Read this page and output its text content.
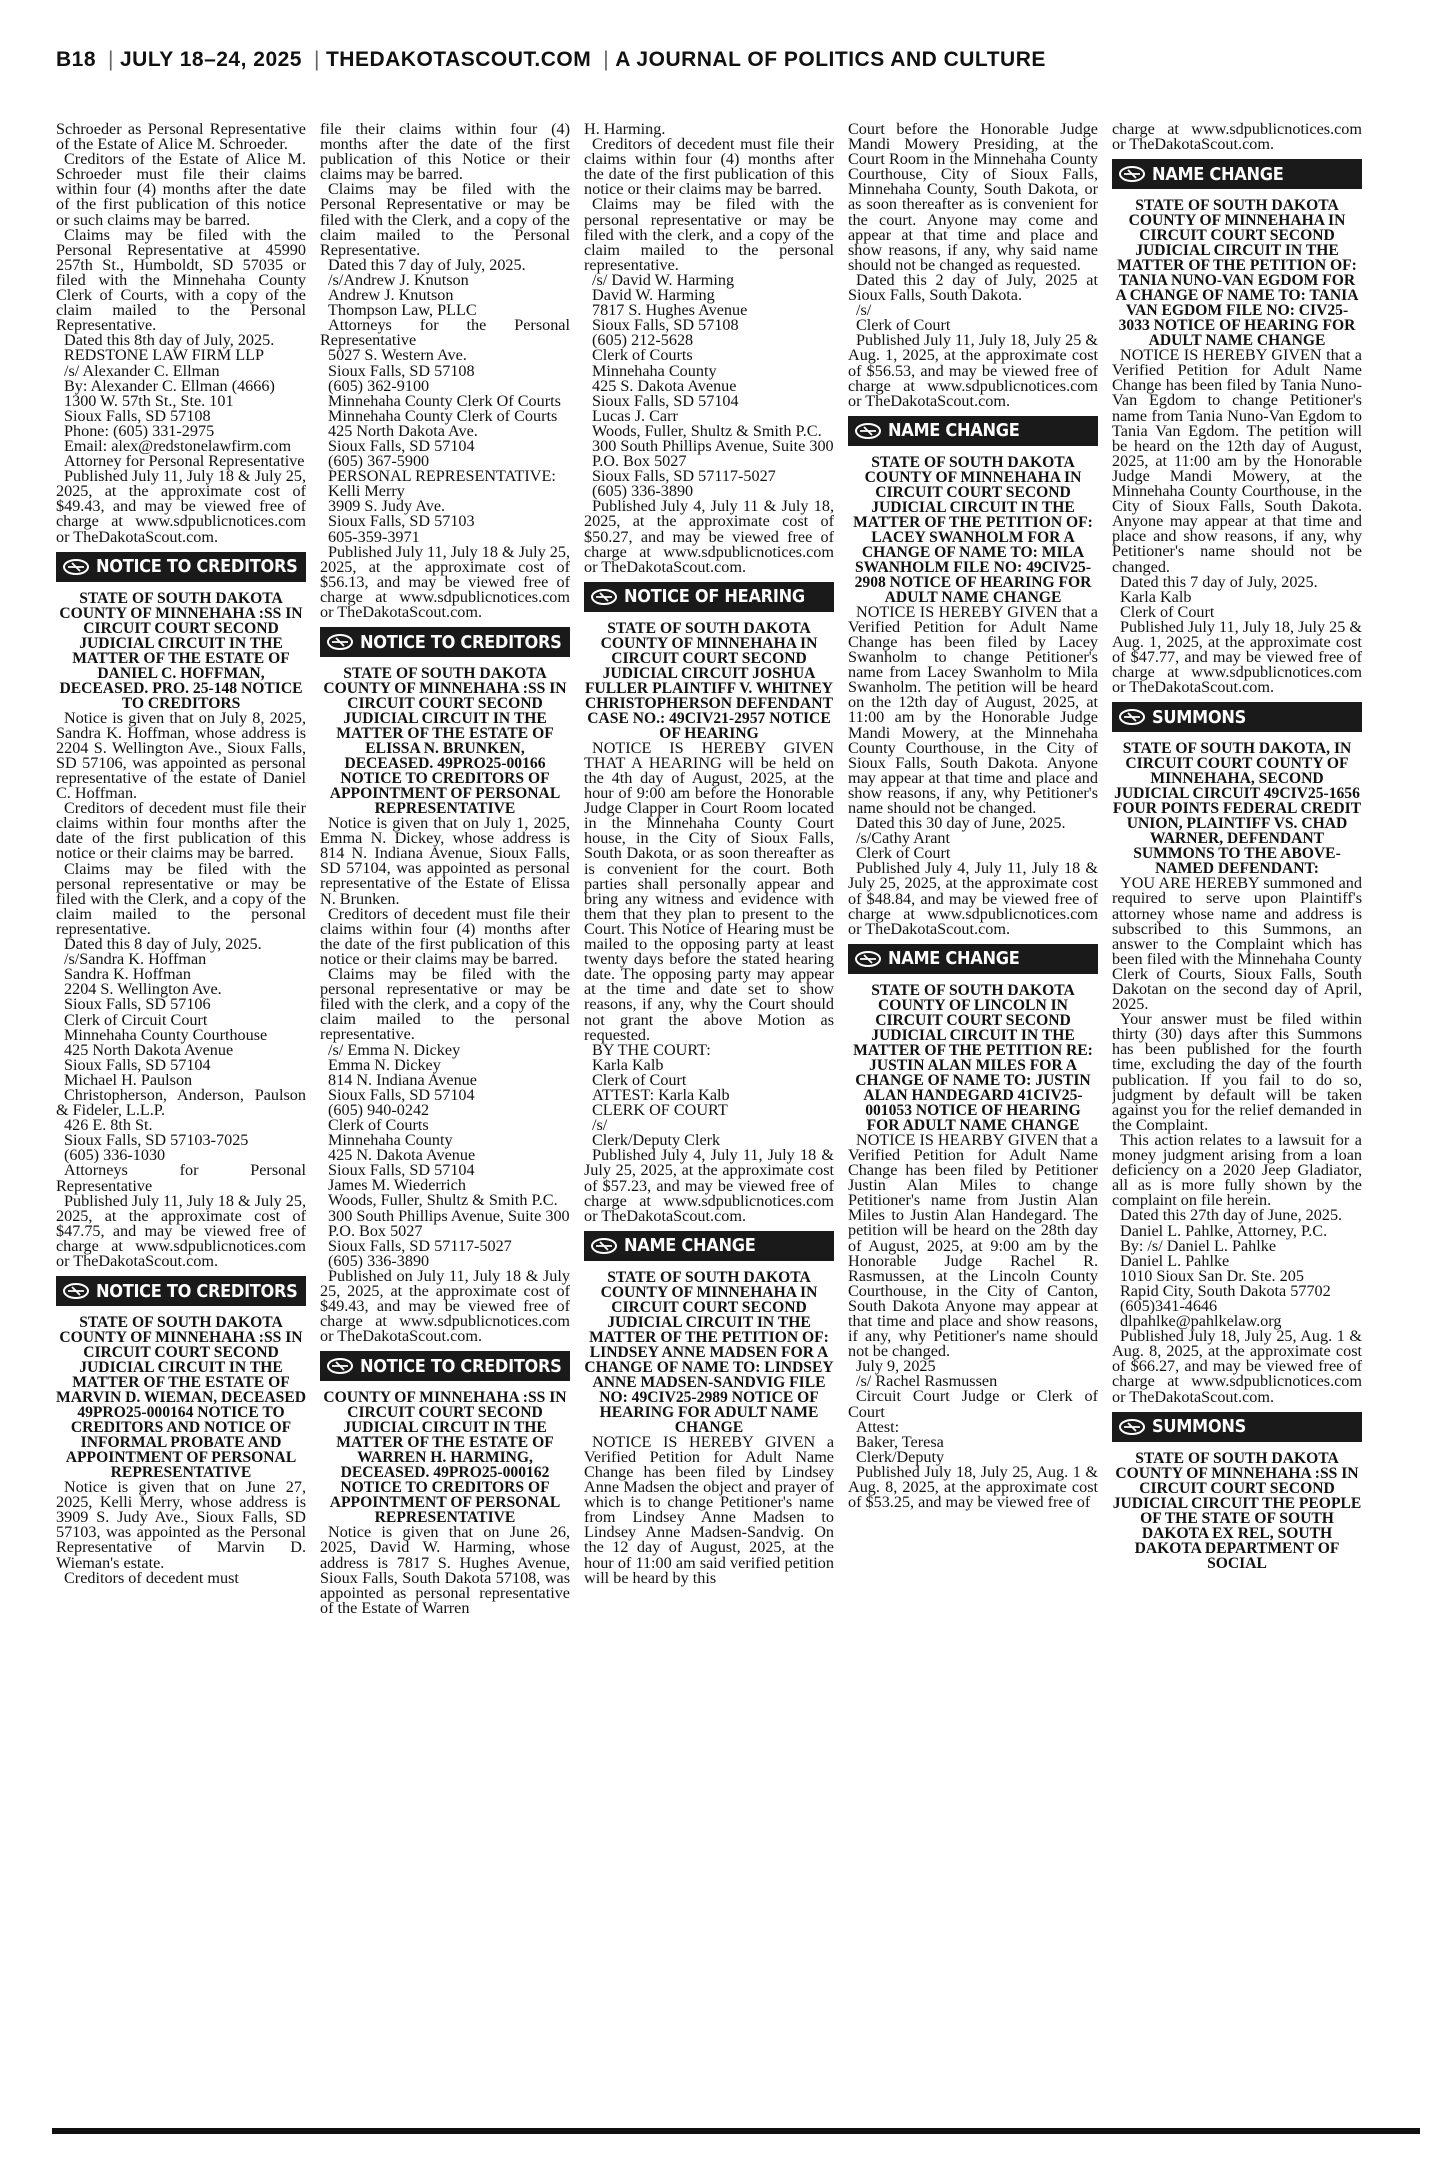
B18 | JULY 18–24, 2025 | THEDAKOTASCOUT.COM | A JOURNAL OF POLITICS AND CULTURE

Schroeder as Personal Representative of the Estate of Alice M. Schroeder.

Creditors of the Estate of Alice M. Schroeder must file their claims within four (4) months after the date of the first publication of this notice or such claims may be barred.

Claims may be filed with the Personal Representative at 45990 257th St., Humboldt, SD 57035 or filed with the Minnehaha County Clerk of Courts, with a copy of the claim mailed to the Personal Representative.

Dated this 8th day of July, 2025.

REDSTONE LAW FIRM LLP

/s/ Alexander C. Ellman

By: Alexander C. Ellman (4666)

1300 W. 57th St., Ste. 101

Sioux Falls, SD 57108

Phone: (605) 331-2975

Email: alex@redstonelawfirm.com

Attorney for Personal Representative

Published July 11, July 18 & July 25, 2025, at the approximate cost of $49.43, and may be viewed free of charge at www.sdpublicnotices.com or TheDakotaScout.com.

NOTICE TO CREDITORS

STATE OF SOUTH DAKOTA COUNTY OF MINNEHAHA :SS IN CIRCUIT COURT SECOND JUDICIAL CIRCUIT IN THE MATTER OF THE ESTATE OF DANIEL C. HOFFMAN, DECEASED. PRO. 25-148 NOTICE TO CREDITORS

Notice is given that on July 8, 2025, Sandra K. Hoffman, whose address is 2204 S. Wellington Ave., Sioux Falls, SD 57106, was appointed as personal representative of the estate of Daniel C. Hoffman.

Creditors of decedent must file their claims within four months after the date of the first publication of this notice or their claims may be barred.

Claims may be filed with the personal representative or may be filed with the Clerk, and a copy of the claim mailed to the personal representative.

Dated this 8 day of July, 2025.

/s/Sandra K. Hoffman

Sandra K. Hoffman

2204 S. Wellington Ave.

Sioux Falls, SD 57106

Clerk of Circuit Court

Minnehaha County Courthouse

425 North Dakota Avenue

Sioux Falls, SD 57104

Michael H. Paulson

Christopherson, Anderson, Paulson & Fideler, L.L.P.

426 E. 8th St.

Sioux Falls, SD 57103-7025

(605) 336-1030

Attorneys for Personal Representative

Published July 11, July 18 & July 25, 2025, at the approximate cost of $47.75, and may be viewed free of charge at www.sdpublicnotices.com or TheDakotaScout.com.

NOTICE TO CREDITORS

STATE OF SOUTH DAKOTA COUNTY OF MINNEHAHA :SS IN CIRCUIT COURT SECOND JUDICIAL CIRCUIT IN THE MATTER OF THE ESTATE OF MARVIN D. WIEMAN, DECEASED 49PRO25-000164 NOTICE TO CREDITORS AND NOTICE OF INFORMAL PROBATE AND APPOINTMENT OF PERSONAL REPRESENTATIVE

Notice is given that on June 27, 2025, Kelli Merry, whose address is 3909 S. Judy Ave., Sioux Falls, SD 57103, was appointed as the Personal Representative of Marvin D. Wieman's estate.

Creditors of decedent must

file their claims within four (4) months after the date of the first publication of this Notice or their claims may be barred.

Claims may be filed with the Personal Representative or may be filed with the Clerk, and a copy of the claim mailed to the Personal Representative.

Dated this 7 day of July, 2025.

/s/Andrew J. Knutson

Andrew J. Knutson

Thompson Law, PLLC

Attorneys for the Personal Representative

5027 S. Western Ave.

Sioux Falls, SD 57108

(605) 362-9100

Minnehaha County Clerk Of Courts

Minnehaha County Clerk of Courts

425 North Dakota Ave.

Sioux Falls, SD 57104

(605) 367-5900

PERSONAL REPRESENTATIVE:

Kelli Merry

3909 S. Judy Ave.

Sioux Falls, SD 57103

605-359-3971

Published July 11, July 18 & July 25, 2025, at the approximate cost of $56.13, and may be viewed free of charge at www.sdpublicnotices.com or TheDakotaScout.com.

NOTICE TO CREDITORS

STATE OF SOUTH DAKOTA COUNTY OF MINNEHAHA :SS IN CIRCUIT COURT SECOND JUDICIAL CIRCUIT IN THE MATTER OF THE ESTATE OF ELISSA N. BRUNKEN, DECEASED. 49PRO25-00166 NOTICE TO CREDITORS OF APPOINTMENT OF PERSONAL REPRESENTATIVE

Notice is given that on July 1, 2025, Emma N. Dickey, whose address is 814 N. Indiana Avenue, Sioux Falls, SD 57104, was appointed as personal representative of the Estate of Elissa N. Brunken.

Creditors of decedent must file their claims within four (4) months after the date of the first publication of this notice or their claims may be barred.

Claims may be filed with the personal representative or may be filed with the clerk, and a copy of the claim mailed to the personal representative.

/s/ Emma N. Dickey

Emma N. Dickey

814 N. Indiana Avenue

Sioux Falls, SD 57104

(605) 940-0242

Clerk of Courts

Minnehaha County

425 N. Dakota Avenue

Sioux Falls, SD 57104

James M. Wiederrich

Woods, Fuller, Shultz & Smith P.C.

300 South Phillips Avenue, Suite 300

P.O. Box 5027

Sioux Falls, SD 57117-5027

(605) 336-3890

Published on July 11, July 18 & July 25, 2025, at the approximate cost of $49.43, and may be viewed free of charge at www.sdpublicnotices.com or TheDakotaScout.com.

NOTICE TO CREDITORS

COUNTY OF MINNEHAHA :SS IN CIRCUIT COURT SECOND JUDICIAL CIRCUIT IN THE MATTER OF THE ESTATE OF WARREN H. HARMING, DECEASED. 49PRO25-000162 NOTICE TO CREDITORS OF APPOINTMENT OF PERSONAL REPRESENTATIVE

Notice is given that on June 26, 2025, David W. Harming, whose address is 7817 S. Hughes Avenue, Sioux Falls, South Dakota 57108, was appointed as personal representative of the Estate of Warren

H. Harming.

Creditors of decedent must file their claims within four (4) months after the date of the first publication of this notice or their claims may be barred.

Claims may be filed with the personal representative or may be filed with the clerk, and a copy of the claim mailed to the personal representative.

/s/ David W. Harming

David W. Harming

7817 S. Hughes Avenue

Sioux Falls, SD 57108

(605) 212-5628

Clerk of Courts

Minnehaha County

425 S. Dakota Avenue

Sioux Falls, SD 57104

Lucas J. Carr

Woods, Fuller, Shultz & Smith P.C.

300 South Phillips Avenue, Suite 300

P.O. Box 5027

Sioux Falls, SD 57117-5027

(605) 336-3890

Published July 4, July 11 & July 18, 2025, at the approximate cost of $50.27, and may be viewed free of charge at www.sdpublicnotices.com or TheDakotaScout.com.

NOTICE OF HEARING

STATE OF SOUTH DAKOTA COUNTY OF MINNEHAHA IN CIRCUIT COURT SECOND JUDICIAL CIRCUIT JOSHUA FULLER PLAINTIFF V. WHITNEY CHRISTOPHERSON DEFENDANT CASE NO.: 49CIV21-2957 NOTICE OF HEARING

NOTICE IS HEREBY GIVEN THAT A HEARING will be held on the 4th day of August, 2025, at the hour of 9:00 am before the Honorable Judge Clapper in Court Room located in the Minnehaha County Court house, in the City of Sioux Falls, South Dakota, or as soon thereafter as is convenient for the court. Both parties shall personally appear and bring any witness and evidence with them that they plan to present to the Court. This Notice of Hearing must be mailed to the opposing party at least twenty days before the stated hearing date. The opposing party may appear at the time and date set to show reasons, if any, why the Court should not grant the above Motion as requested.

BY THE COURT:

Karla Kalb

Clerk of Court

ATTEST: Karla Kalb

CLERK OF COURT

/s/

Clerk/Deputy Clerk

Published July 4, July 11, July 18 & July 25, 2025, at the approximate cost of $57.23, and may be viewed free of charge at www.sdpublicnotices.com or TheDakotaScout.com.

NAME CHANGE

STATE OF SOUTH DAKOTA COUNTY OF MINNEHAHA IN CIRCUIT COURT SECOND JUDICIAL CIRCUIT IN THE MATTER OF THE PETITION OF: LINDSEY ANNE MADSEN FOR A CHANGE OF NAME TO: LINDSEY ANNE MADSEN-SANDVIG FILE NO: 49CIV25-2989 NOTICE OF HEARING FOR ADULT NAME CHANGE

NOTICE IS HEREBY GIVEN a Verified Petition for Adult Name Change has been filed by Lindsey Anne Madsen the object and prayer of which is to change Petitioner's name from Lindsey Anne Madsen to Lindsey Anne Madsen-Sandvig. On the 12 day of August, 2025, at the hour of 11:00 am said verified petition will be heard by this

Court before the Honorable Judge Mandi Mowery Presiding, at the Court Room in the Minnehaha County Courthouse, City of Sioux Falls, Minnehaha County, South Dakota, or as soon thereafter as is convenient for the court. Anyone may come and appear at that time and place and show reasons, if any, why said name should not be changed as requested.

Dated this 2 day of July, 2025 at Sioux Falls, South Dakota.

/s/

Clerk of Court

Published July 11, July 18, July 25 & Aug. 1, 2025, at the approximate cost of $56.53, and may be viewed free of charge at www.sdpublicnotices.com or TheDakotaScout.com.

NAME CHANGE

STATE OF SOUTH DAKOTA COUNTY OF MINNEHAHA IN CIRCUIT COURT SECOND JUDICIAL CIRCUIT IN THE MATTER OF THE PETITION OF: LACEY SWANHOLM FOR A CHANGE OF NAME TO: MILA SWANHOLM FILE NO: 49CIV25-2908 NOTICE OF HEARING FOR ADULT NAME CHANGE

NOTICE IS HEREBY GIVEN that a Verified Petition for Adult Name Change has been filed by Lacey Swanholm to change Petitioner's name from Lacey Swanholm to Mila Swanholm. The petition will be heard on the 12th day of August, 2025, at 11:00 am by the Honorable Judge Mandi Mowery, at the Minnehaha County Courthouse, in the City of Sioux Falls, South Dakota. Anyone may appear at that time and place and show reasons, if any, why Petitioner's name should not be changed.

Dated this 30 day of June, 2025.

/s/Cathy Arant

Clerk of Court

Published July 4, July 11, July 18 & July 25, 2025, at the approximate cost of $48.84, and may be viewed free of charge at www.sdpublicnotices.com or TheDakotaScout.com.

NAME CHANGE

STATE OF SOUTH DAKOTA COUNTY OF LINCOLN IN CIRCUIT COURT SECOND JUDICIAL CIRCUIT IN THE MATTER OF THE PETITION RE: JUSTIN ALAN MILES FOR A CHANGE OF NAME TO: JUSTIN ALAN HANDEGARD 41CIV25-001053 NOTICE OF HEARING FOR ADULT NAME CHANGE

NOTICE IS HEARBY GIVEN that a Verified Petition for Adult Name Change has been filed by Petitioner Justin Alan Miles to change Petitioner's name from Justin Alan Miles to Justin Alan Handegard. The petition will be heard on the 28th day of August, 2025, at 9:00 am by the Honorable Judge Rachel R. Rasmussen, at the Lincoln County Courthouse, in the City of Canton, South Dakota Anyone may appear at that time and place and show reasons, if any, why Petitioner's name should not be changed.

July 9, 2025

/s/ Rachel Rasmussen

Circuit Court Judge or Clerk of Court

Attest:

Baker, Teresa

Clerk/Deputy

Published July 18, July 25, Aug. 1 & Aug. 8, 2025, at the approximate cost of $53.25, and may be viewed free of

charge at www.sdpublicnotices.com or TheDakotaScout.com.

NAME CHANGE

STATE OF SOUTH DAKOTA COUNTY OF MINNEHAHA IN CIRCUIT COURT SECOND JUDICIAL CIRCUIT IN THE MATTER OF THE PETITION OF: TANIA NUNO-VAN EGDOM FOR A CHANGE OF NAME TO: TANIA VAN EGDOM FILE NO: CIV25-3033 NOTICE OF HEARING FOR ADULT NAME CHANGE

NOTICE IS HEREBY GIVEN that a Verified Petition for Adult Name Change has been filed by Tania Nuno-Van Egdom to change Petitioner's name from Tania Nuno-Van Egdom to Tania Van Egdom. The petition will be heard on the 12th day of August, 2025, at 11:00 am by the Honorable Judge Mandi Mowery, at the Minnehaha County Courthouse, in the City of Sioux Falls, South Dakota. Anyone may appear at that time and place and show reasons, if any, why Petitioner's name should not be changed.

Dated this 7 day of July, 2025.

Karla Kalb

Clerk of Court

Published July 11, July 18, July 25 & Aug. 1, 2025, at the approximate cost of $47.77, and may be viewed free of charge at www.sdpublicnotices.com or TheDakotaScout.com.

SUMMONS

STATE OF SOUTH DAKOTA, IN CIRCUIT COURT COUNTY OF MINNEHAHA, SECOND JUDICIAL CIRCUIT 49CIV25-1656 FOUR POINTS FEDERAL CREDIT UNION, PLAINTIFF VS. CHAD WARNER, DEFENDANT SUMMONS TO THE ABOVE-NAMED DEFENDANT:

YOU ARE HEREBY summoned and required to serve upon Plaintiff's attorney whose name and address is subscribed to this Summons, an answer to the Complaint which has been filed with the Minnehaha County Clerk of Courts, Sioux Falls, South Dakotan on the second day of April, 2025.

Your answer must be filed within thirty (30) days after this Summons has been published for the fourth time, excluding the day of the fourth publication. If you fail to do so, judgment by default will be taken against you for the relief demanded in the Complaint.

This action relates to a lawsuit for a money judgment arising from a loan deficiency on a 2020 Jeep Gladiator, all as is more fully shown by the complaint on file herein.

Dated this 27th day of June, 2025.

Daniel L. Pahlke, Attorney, P.C.

By: /s/ Daniel L. Pahlke

Daniel L. Pahlke

1010 Sioux San Dr. Ste. 205

Rapid City, South Dakota 57702

(605)341-4646

dlpahlke@pahlkelaw.org

Published July 18, July 25, Aug. 1 & Aug. 8, 2025, at the approximate cost of $66.27, and may be viewed free of charge at www.sdpublicnotices.com or TheDakotaScout.com.

SUMMONS

STATE OF SOUTH DAKOTA COUNTY OF MINNEHAHA :SS IN CIRCUIT COURT SECOND JUDICIAL CIRCUIT THE PEOPLE OF THE STATE OF SOUTH DAKOTA EX REL, SOUTH DAKOTA DEPARTMENT OF SOCIAL
